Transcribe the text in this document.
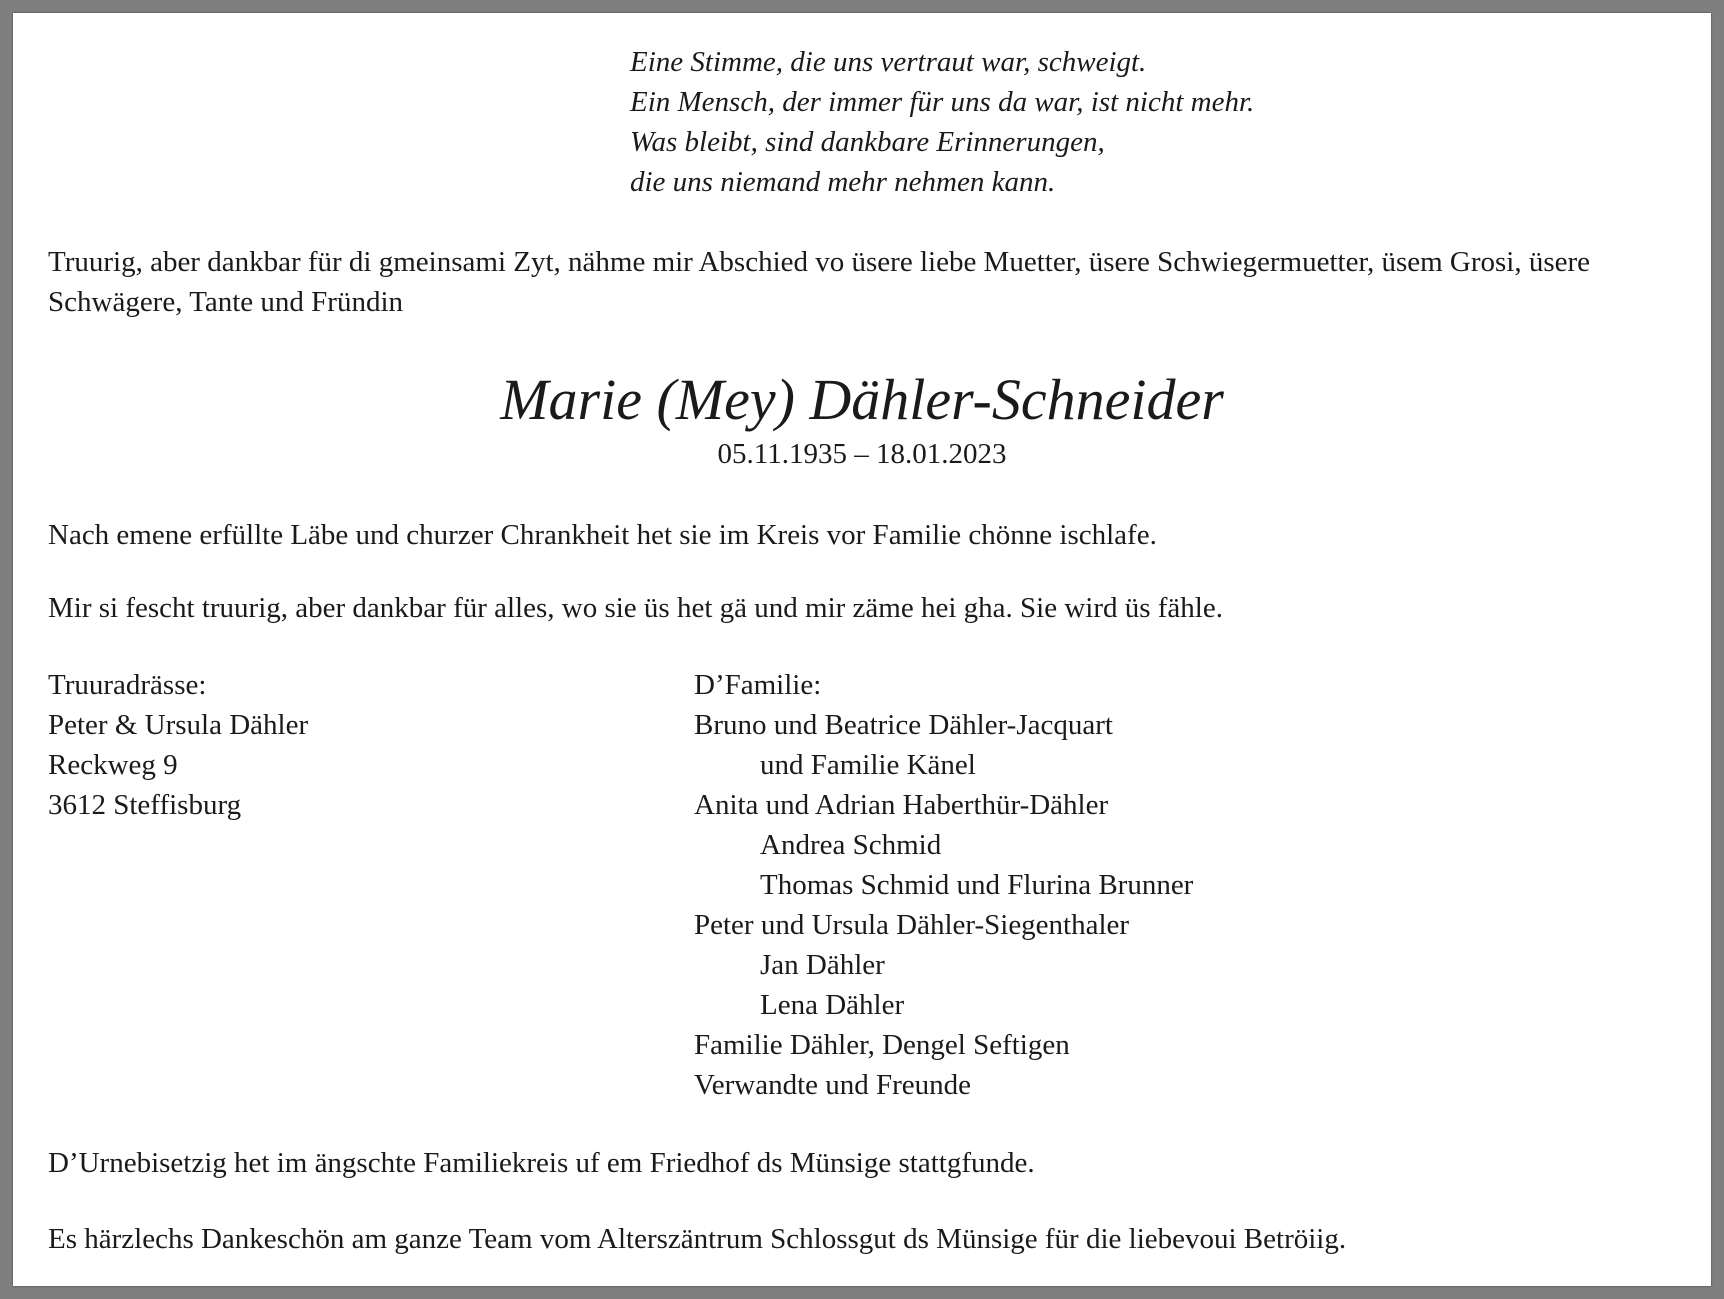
Eine Stimme, die uns vertraut war, schweigt.
Ein Mensch, der immer für uns da war, ist nicht mehr.
Was bleibt, sind dankbare Erinnerungen,
die uns niemand mehr nehmen kann.
Truurig, aber dankbar für di gmeinsami Zyt, nähme mir Abschied vo üsere liebe Muetter, üsere Schwiegermuetter, üsem Grosi, üsere Schwägere, Tante und Fründin
Marie (Mey) Dähler-Schneider
05.11.1935 – 18.01.2023
Nach emene erfüllte Läbe und churzer Chrankheit het sie im Kreis vor Familie chönne ischlafe.
Mir si fescht truurig, aber dankbar für alles, wo sie üs het gä und mir zäme hei gha. Sie wird üs fähle.
Truuradrässe:
Peter & Ursula Dähler
Reckweg 9
3612 Steffisburg
D’Familie:
Bruno und Beatrice Dähler-Jacquart
und Familie Känel
Anita und Adrian Haberthür-Dähler
Andrea Schmid
Thomas Schmid und Flurina Brunner
Peter und Ursula Dähler-Siegenthaler
Jan Dähler
Lena Dähler
Familie Dähler, Dengel Seftigen
Verwandte und Freunde
D’Urnebisetzig het im ängschte Familiekreis uf em Friedhof ds Münsige stattgfunde.
Es härzlechs Dankeschön am ganze Team vom Alterszäntrum Schlossgut ds Münsige für die liebevoui Betröiig.
